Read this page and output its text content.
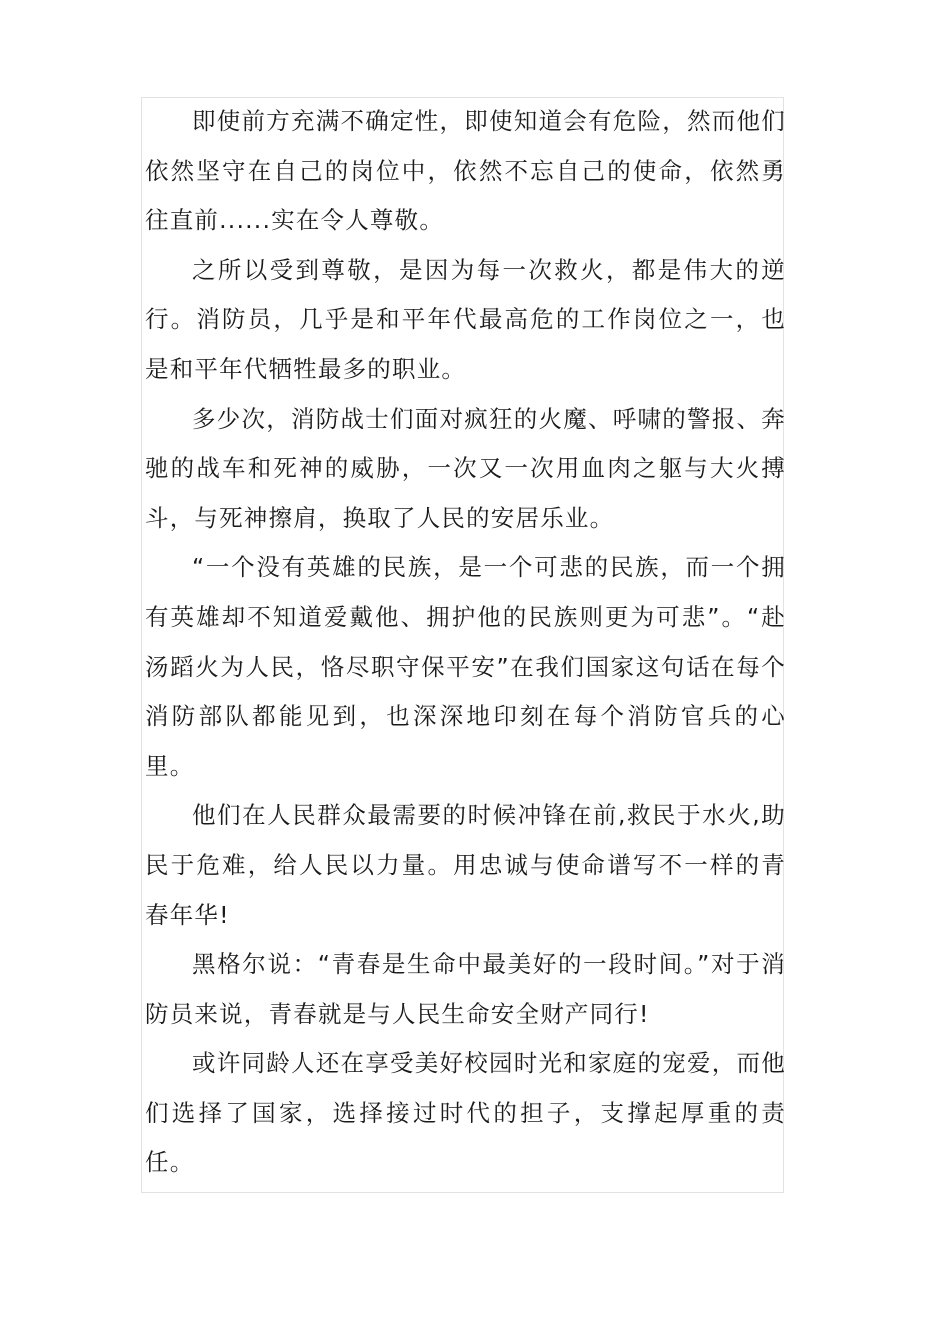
即使前方充满不确定性，即使知道会有危险，然而他们依然坚守在自己的岗位中，依然不忘自己的使命，依然勇往直前......实在令人尊敬。

之所以受到尊敬，是因为每一次救火，都是伟大的逆行。消防员，几乎是和平年代最高危的工作岗位之一，也是和平年代牺牲最多的职业。

多少次，消防战士们面对疯狂的火魔、呼啸的警报、奔驰的战车和死神的威胁，一次又一次用血肉之躯与大火搏斗，与死神擦肩，换取了人民的安居乐业。

“一个没有英雄的民族，是一个可悲的民族，而一个拥有英雄却不知道爱戴他、拥护他的民族则更为可悲”。“赴汤蹈火为人民，恪尽职守保平安”在我们国家这句话在每个消防部队都能见到，也深深地印刻在每个消防官兵的心里。

他们在人民群众最需要的时候冲锋在前,救民于水火,助民于危难，给人民以力量。用忠诚与使命谱写不一样的青春年华!

黑格尔说：“青春是生命中最美好的一段时间。”对于消防员来说，青春就是与人民生命安全财产同行!

或许同龄人还在享受美好校园时光和家庭的宠爱，而他们选择了国家，选择接过时代的担子，支撑起厚重的责任。
